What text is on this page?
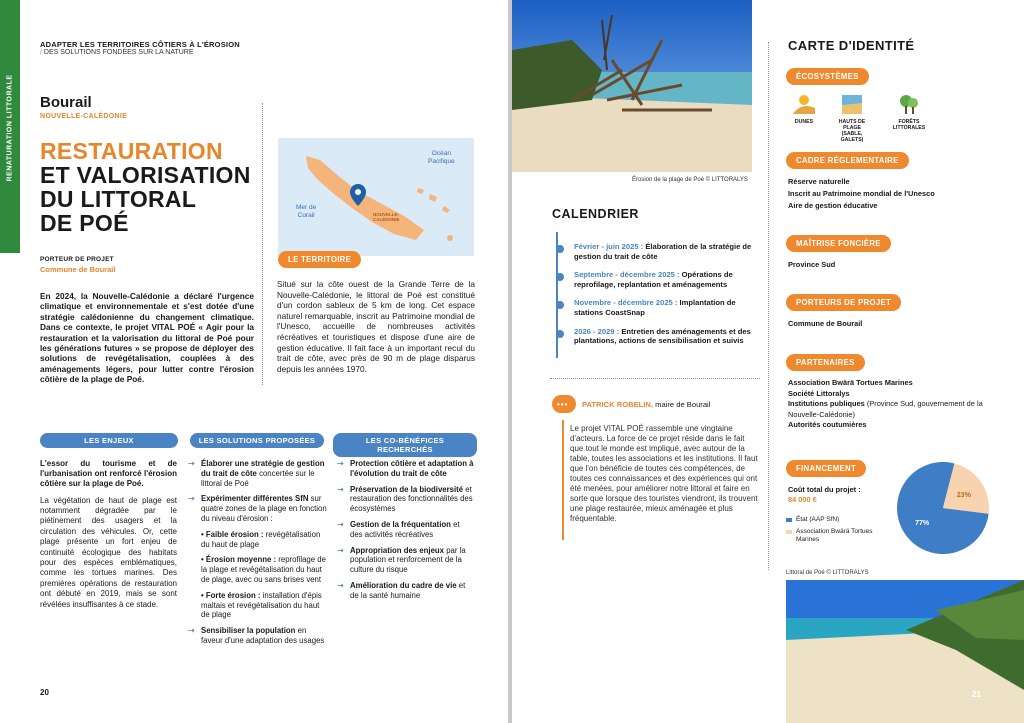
RENATURATION LITTORALE
ADAPTER LES TERRITOIRES CÔTIERS À L'ÉROSION
/ DES SOLUTIONS FONDÉES SUR LA NATURE
Bourail
NOUVELLE-CALÉDONIE
RESTAURATION
ET VALORISATION
DU LITTORAL
DE POÉ
PORTEUR DE PROJET
Commune de Bourail
En 2024, la Nouvelle-Calédonie a déclaré l'urgence climatique et environnementale et s'est dotée d'une stratégie calédonienne du changement climatique. Dans ce contexte, le projet VITAL POÉ « Agir pour la restauration et la valorisation du littoral de Poé pour les générations futures » se propose de déployer des solutions de revégétalisation, couplées à des aménagements légers, pour lutter contre l'érosion côtière de la plage de Poé.
Océan
Pacifique
Mer de
Corail	NOUVELLE-
CALÉDONIE
LE TERRITOIRE
Situé sur la côte ouest de la Grande Terre de la Nouvelle-Calédonie, le littoral de Poé est constitué d'un cordon sableux de 5 km de long. Cet espace naturel remarquable, inscrit au Patrimoine mondial de l'Unesco, accueille de nombreuses activités récréatives et touristiques et dispose d'une aire de gestion éducative. Il fait face à un important recul du trait de côte, avec près de 90 m de plage disparus depuis les années 1970.
LES ENJEUX
L'essor du tourisme et de l'urbanisation ont renforcé l'érosion côtière sur la plage de Poé.
La végétation de haut de plage est notamment dégradée par le piétinement des usagers et la circulation des véhicules. Or, cette plage présente un fort enjeu de continuité écologique des habitats pour des espèces emblématiques, comme les tortues marines. Des premières opérations de restauration ont débuté en 2019, mais se sont révélées insuffisantes à ce stade.
LES SOLUTIONS PROPOSÉES
➝ Élaborer une stratégie de gestion du trait de côte concertée sur le littoral de Poé
➝ Expérimenter différentes SfN sur quatre zones de la plage en fonction du niveau d'érosion :
• Faible érosion : revégétalisation du haut de plage
• Érosion moyenne : reprofilage de la plage et revégétalisation du haut de plage, avec ou sans brises vent
• Forte érosion : installation d'épis maltais et revégétalisation du haut de plage
➝ Sensibiliser la population en faveur d'une adaptation des usages
LES CO-BÉNÉFICES RECHERCHÉS
➝ Protection côtière et adaptation à l'évolution du trait de côte
➝ Préservation de la biodiversité et restauration des fonctionnalités des écosystèmes
➝ Gestion de la fréquentation et des activités récréatives
➝ Appropriation des enjeux par la population et renforcement de la culture du risque
➝ Amélioration du cadre de vie et de la santé humaine
20
Érosion de la plage de Poé © LITTORALYS
CALENDRIER
Février - juin 2025 : Élaboration de la stratégie de gestion du trait de côte
Septembre - décembre 2025 : Opérations de reprofilage, replantation et aménagements
Novembre - décembre 2025 : Implantation de stations CoastSnap
2026 - 2029 : Entretien des aménagements et des plantations, actions de sensibilisation et suivis
••• PATRICK ROBELIN, maire de Bourail
Le projet VITAL POÉ rassemble une vingtaine d'acteurs. La force de ce projet réside dans le fait que tout le monde est impliqué, avec autour de la table, toutes les associations et les institutions. Il faut que l'on bénéficie de toutes ces compétences, de toutes ces connaissances et des expériences qui ont été menées, pour améliorer notre littoral et faire en sorte que lorsque des touristes viendront, ils trouvent une plage restaurée, mieux aménagée et plus fréquentable.
CARTE D'IDENTITÉ
ÉCOSYSTÈMES
DUNES	HAUTS DE PLAGE
(SABLE, GALETS)
FORÊTS
LITTORALES
CADRE RÉGLEMENTAIRE
Réserve naturelle
Inscrit au Patrimoine mondial de l'Unesco
Aire de gestion éducative
MAÎTRISE FONCIÈRE
Province Sud
PORTEURS DE PROJET
Commune de Bourail
PARTENAIRES
Association Bwärä Tortues Marines
Société Littoralys
Institutions publiques (Province Sud, gouvernement de la Nouvelle-Calédonie)
Autorités coutumières
FINANCEMENT
Coût total du projet :
84 000 €
État (AAP SfN)
Association Bwärä Tortues Marines
77%
23%
Littoral de Poé © LITTORALYS
21
